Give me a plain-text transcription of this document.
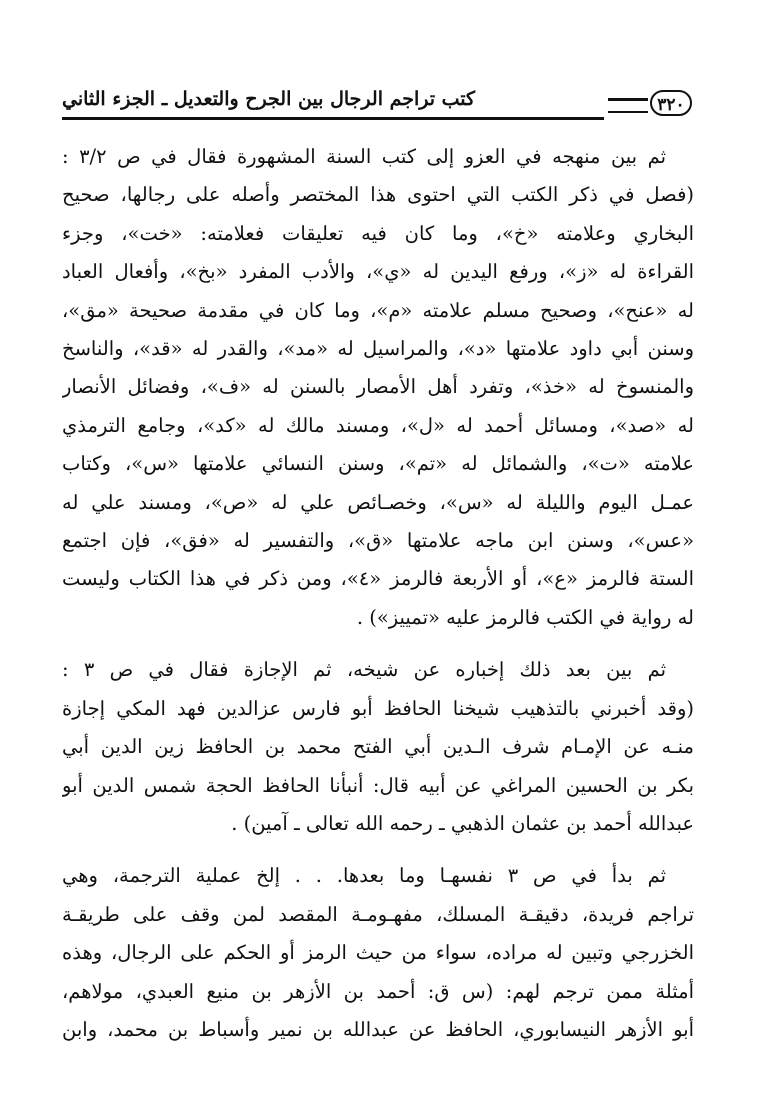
كتب تراجم الرجال بين الجرح والتعديل ـ الجزء الثاني	٣٢٠
ثم بين منهجه في العزو إلى كتب السنة المشهورة فقال في ص ٣/٢ :
(فصل في ذكر الكتب التي احتوى هذا المختصر وأصله على رجالها، صحيح
البخاري وعلامته «خ»، وما كان فيه تعليقات فعلامته: «خت»، وجزء
القراءة له «ز»، ورفع اليدين له «ي»، والأدب المفرد «بخ»، وأفعال العباد
له «عنح»، وصحيح مسلم علامته «م»، وما كان في مقدمة صحيحة «مق»،
وسنن أبي داود علامتها «د»، والمراسيل له «مد»، والقدر له «قد»، والناسخ
والمنسوخ له «خذ»، وتفرد أهل الأمصار بالسنن له «ف»، وفضائل الأنصار
له «صد»، ومسائل أحمد له «ل»، ومسند مالك له «كد»، وجامع الترمذي
علامته «ت»، والشمائل له «تم»، وسنن النسائي علامتها «س»، وكتاب
عمـل اليوم والليلة له «س»، وخصـائص علي له «ص»، ومسند علي له
«عس»، وسنن ابن ماجه علامتها «ق»، والتفسير له «فق»، فإن اجتمع
الستة فالرمز «ع»، أو الأربعة فالرمز «٤»، ومن ذكر في هذا الكتاب وليست
له رواية في الكتب فالرمز عليه «تمييز») .
ثم بين بعد ذلك إخباره عن شيخه، ثم الإجازة فقال في ص ٣ :
(وقد أخبرني بالتذهيب شيخنا الحافظ أبو فارس عزالدين فهد المكي إجازة
منـه عن الإمـام شرف الـدين أبي الفتح محمد بن الحافظ زين الدين أبي
بكر بن الحسين المراغي عن أبيه قال: أنبأنا الحافظ الحجة شمس الدين أبو
عبدالله أحمد بن عثمان الذهبي ـ رحمه الله تعالى ـ آمين) .
ثم بدأ في ص ٣ نفسهـا وما بعدها. . . إلخ عملية الترجمة، وهي
تراجم فريدة، دقيقـة المسلك، مفهـومـة المقصد لمن وقف على طريقـة
الخزرجي وتبين له مراده، سواء من حيث الرمز أو الحكم على الرجال، وهذه
أمثلة ممن ترجم لهم: (س ق: أحمد بن الأزهر بن منيع العبدي، مولاهم،
أبو الأزهر النيسابوري، الحافظ عن عبدالله بن نمير وأسباط بن محمد، وابن
